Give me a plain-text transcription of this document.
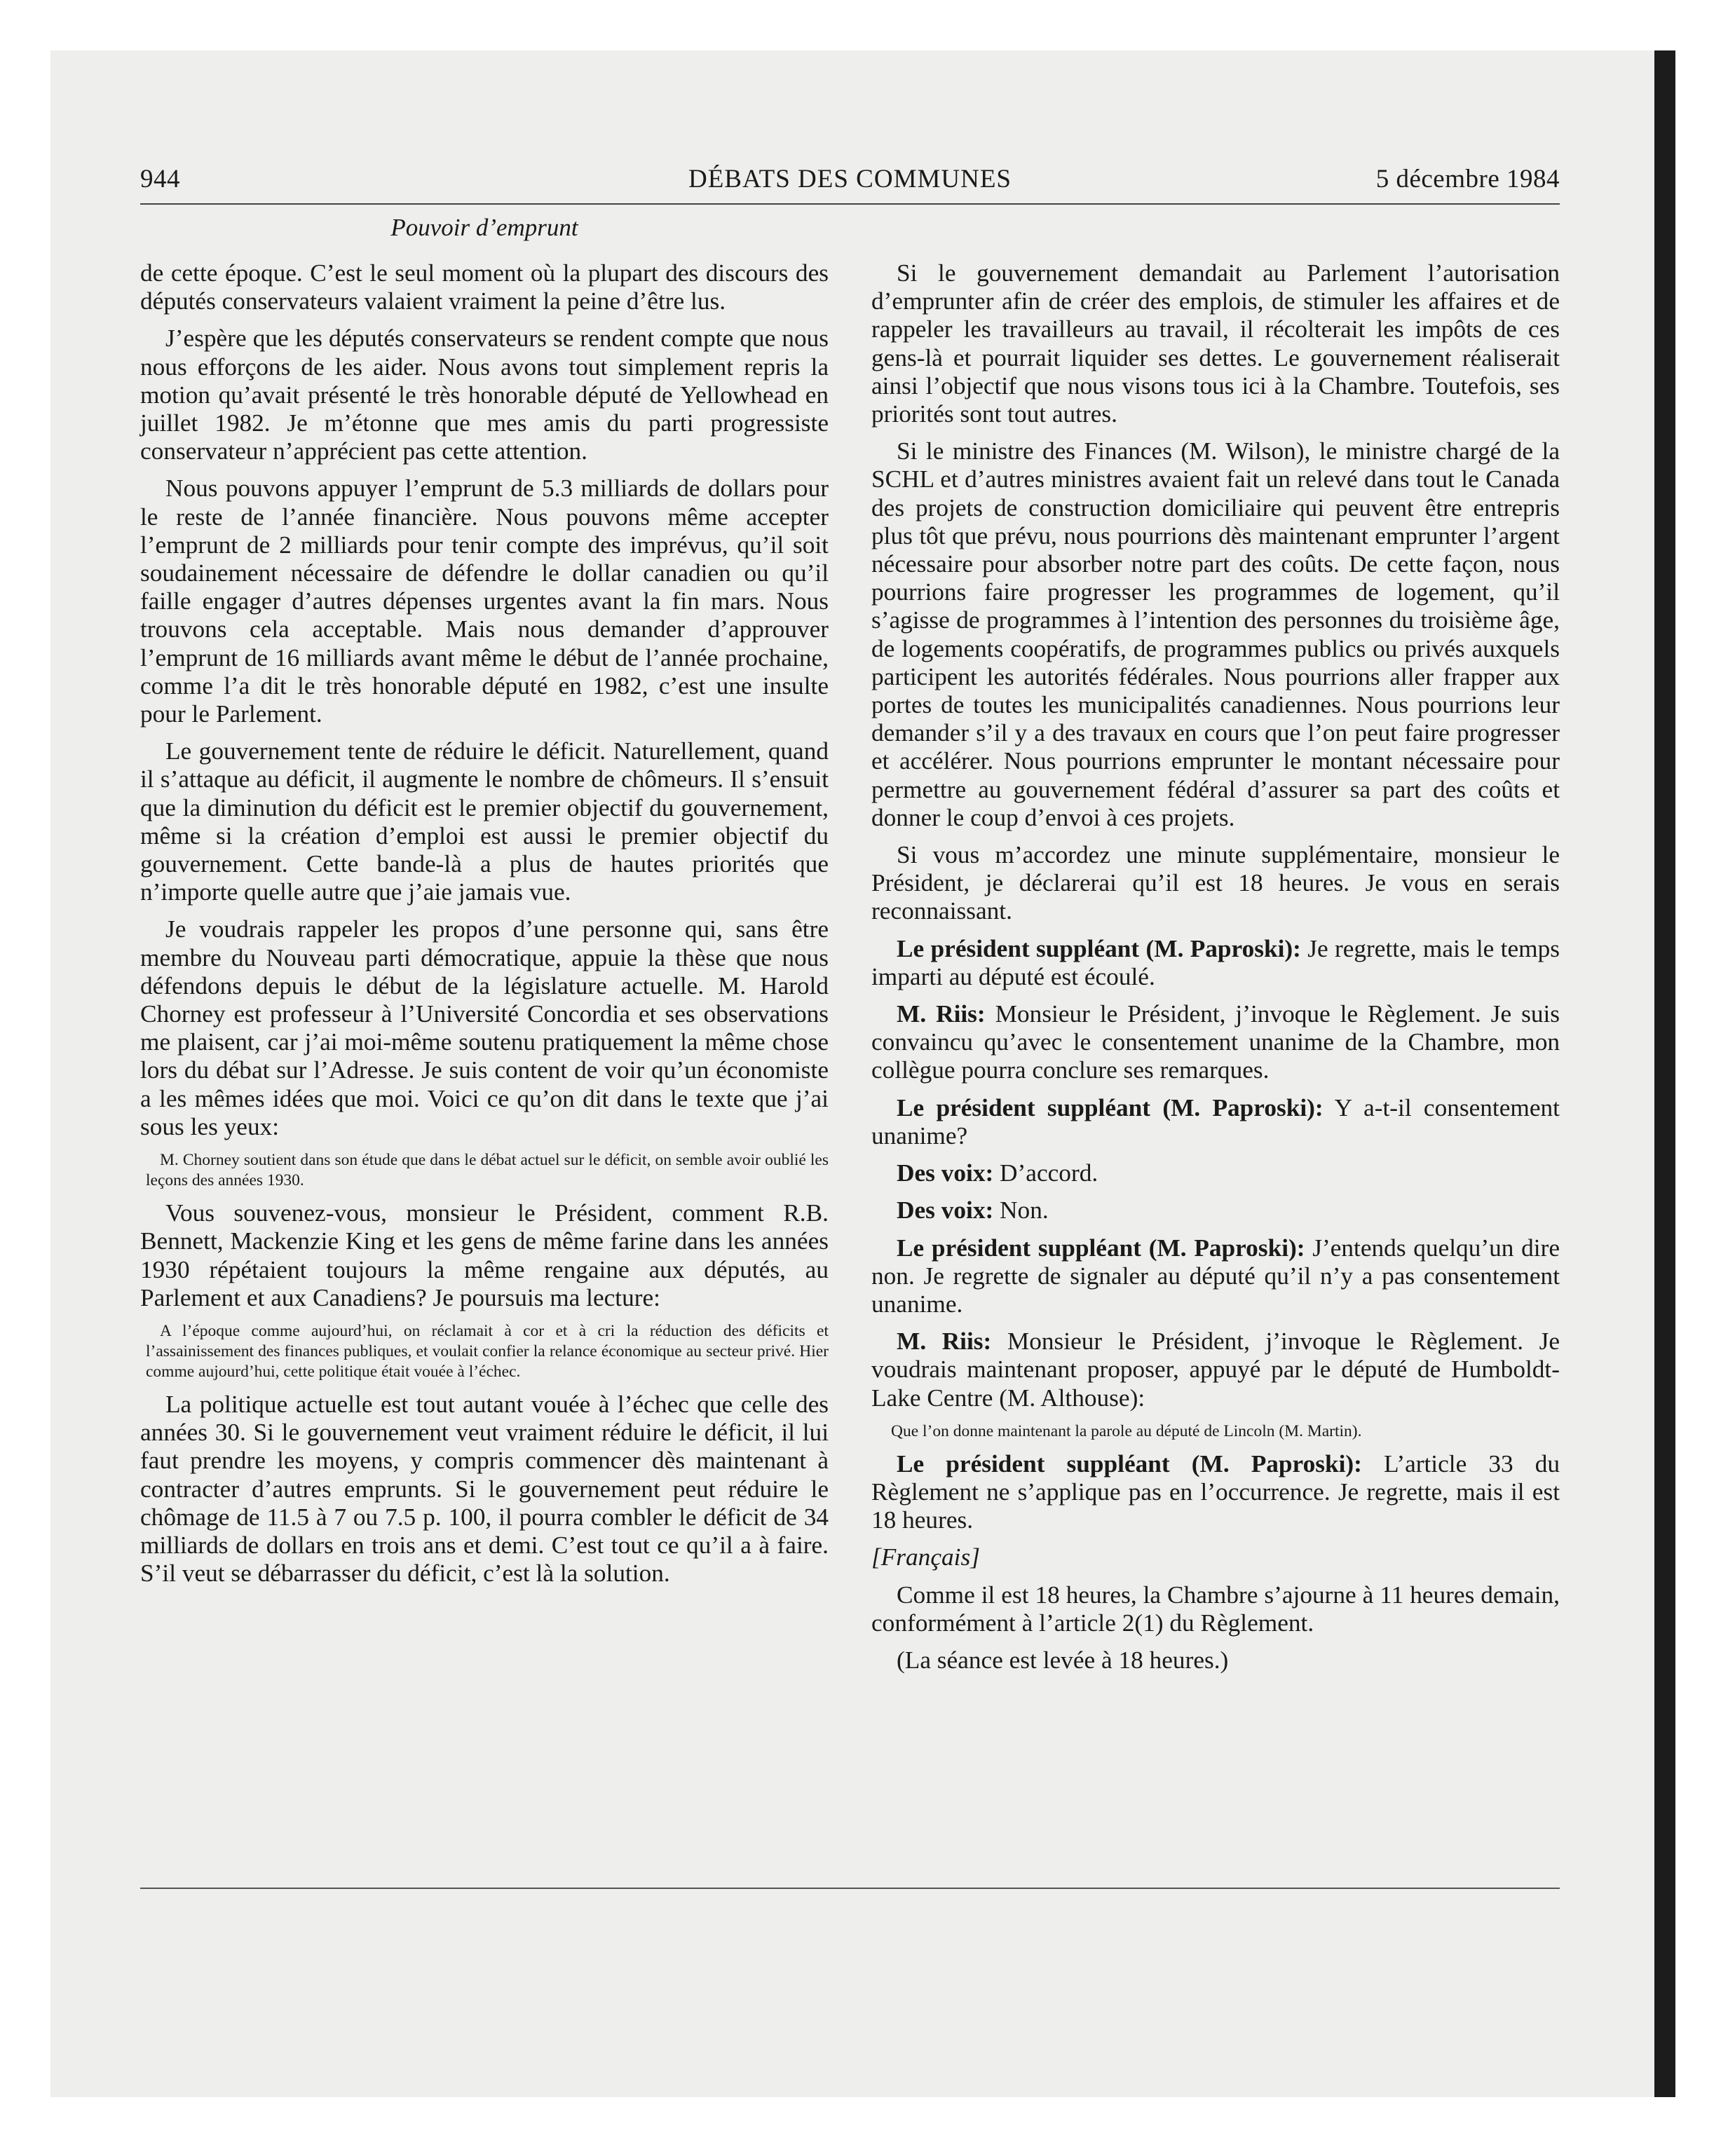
944	DÉBATS DES COMMUNES	5 décembre 1984
Pouvoir d’emprunt

de cette époque. C’est le seul moment où la plupart des discours des députés conservateurs valaient vraiment la peine d’être lus.

J’espère que les députés conservateurs se rendent compte que nous nous efforçons de les aider. Nous avons tout simplement repris la motion qu’avait présenté le très honorable député de Yellowhead en juillet 1982. Je m’étonne que mes amis du parti progressiste conservateur n’apprécient pas cette attention.

Nous pouvons appuyer l’emprunt de 5.3 milliards de dollars pour le reste de l’année financière. Nous pouvons même accepter l’emprunt de 2 milliards pour tenir compte des imprévus, qu’il soit soudainement nécessaire de défendre le dollar canadien ou qu’il faille engager d’autres dépenses urgentes avant la fin mars. Nous trouvons cela acceptable. Mais nous demander d’approuver l’emprunt de 16 milliards avant même le début de l’année prochaine, comme l’a dit le très honorable député en 1982, c’est une insulte pour le Parlement.

Le gouvernement tente de réduire le déficit. Naturellement, quand il s’attaque au déficit, il augmente le nombre de chômeurs. Il s’ensuit que la diminution du déficit est le premier objectif du gouvernement, même si la création d’emploi est aussi le premier objectif du gouvernement. Cette bande-là a plus de hautes priorités que n’importe quelle autre que j’aie jamais vue.

Je voudrais rappeler les propos d’une personne qui, sans être membre du Nouveau parti démocratique, appuie la thèse que nous défendons depuis le début de la législature actuelle. M. Harold Chorney est professeur à l’Université Concordia et ses observations me plaisent, car j’ai moi-même soutenu pratiquement la même chose lors du débat sur l’Adresse. Je suis content de voir qu’un économiste a les mêmes idées que moi. Voici ce qu’on dit dans le texte que j’ai sous les yeux:

M. Chorney soutient dans son étude que dans le débat actuel sur le déficit, on semble avoir oublié les leçons des années 1930.

Vous souvenez-vous, monsieur le Président, comment R.B. Bennett, Mackenzie King et les gens de même farine dans les années 1930 répétaient toujours la même rengaine aux députés, au Parlement et aux Canadiens? Je poursuis ma lecture:

A l’époque comme aujourd’hui, on réclamait à cor et à cri la réduction des déficits et l’assainissement des finances publiques, et voulait confier la relance économique au secteur privé. Hier comme aujourd’hui, cette politique était vouée à l’échec.

La politique actuelle est tout autant vouée à l’échec que celle des années 30. Si le gouvernement veut vraiment réduire le déficit, il lui faut prendre les moyens, y compris commencer dès maintenant à contracter d’autres emprunts. Si le gouvernement peut réduire le chômage de 11.5 à 7 ou 7.5 p. 100, il pourra combler le déficit de 34 milliards de dollars en trois ans et demi. C’est tout ce qu’il a à faire. S’il veut se débarrasser du déficit, c’est là la solution.

Si le gouvernement demandait au Parlement l’autorisation d’emprunter afin de créer des emplois, de stimuler les affaires et de rappeler les travailleurs au travail, il récolterait les impôts de ces gens-là et pourrait liquider ses dettes. Le gouvernement réaliserait ainsi l’objectif que nous visons tous ici à la Chambre. Toutefois, ses priorités sont tout autres.

Si le ministre des Finances (M. Wilson), le ministre chargé de la SCHL et d’autres ministres avaient fait un relevé dans tout le Canada des projets de construction domiciliaire qui peuvent être entrepris plus tôt que prévu, nous pourrions dès maintenant emprunter l’argent nécessaire pour absorber notre part des coûts. De cette façon, nous pourrions faire progresser les programmes de logement, qu’il s’agisse de programmes à l’intention des personnes du troisième âge, de logements coopératifs, de programmes publics ou privés auxquels participent les autorités fédérales. Nous pourrions aller frapper aux portes de toutes les municipalités canadiennes. Nous pourrions leur demander s’il y a des travaux en cours que l’on peut faire progresser et accélérer. Nous pourrions emprunter le montant nécessaire pour permettre au gouvernement fédéral d’assurer sa part des coûts et donner le coup d’envoi à ces projets.

Si vous m’accordez une minute supplémentaire, monsieur le Président, je déclarerai qu’il est 18 heures. Je vous en serais reconnaissant.

Le président suppléant (M. Paproski): Je regrette, mais le temps imparti au député est écoulé.

M. Riis: Monsieur le Président, j’invoque le Règlement. Je suis convaincu qu’avec le consentement unanime de la Chambre, mon collègue pourra conclure ses remarques.

Le président suppléant (M. Paproski): Y a-t-il consentement unanime?

Des voix: D’accord.

Des voix: Non.

Le président suppléant (M. Paproski): J’entends quelqu’un dire non. Je regrette de signaler au député qu’il n’y a pas consentement unanime.

M. Riis: Monsieur le Président, j’invoque le Règlement. Je voudrais maintenant proposer, appuyé par le député de Humboldt-Lake Centre (M. Althouse):

Que l’on donne maintenant la parole au député de Lincoln (M. Martin).

Le président suppléant (M. Paproski): L’article 33 du Règlement ne s’applique pas en l’occurrence. Je regrette, mais il est 18 heures.

[Français]

Comme il est 18 heures, la Chambre s’ajourne à 11 heures demain, conformément à l’article 2(1) du Règlement.

(La séance est levée à 18 heures.)
